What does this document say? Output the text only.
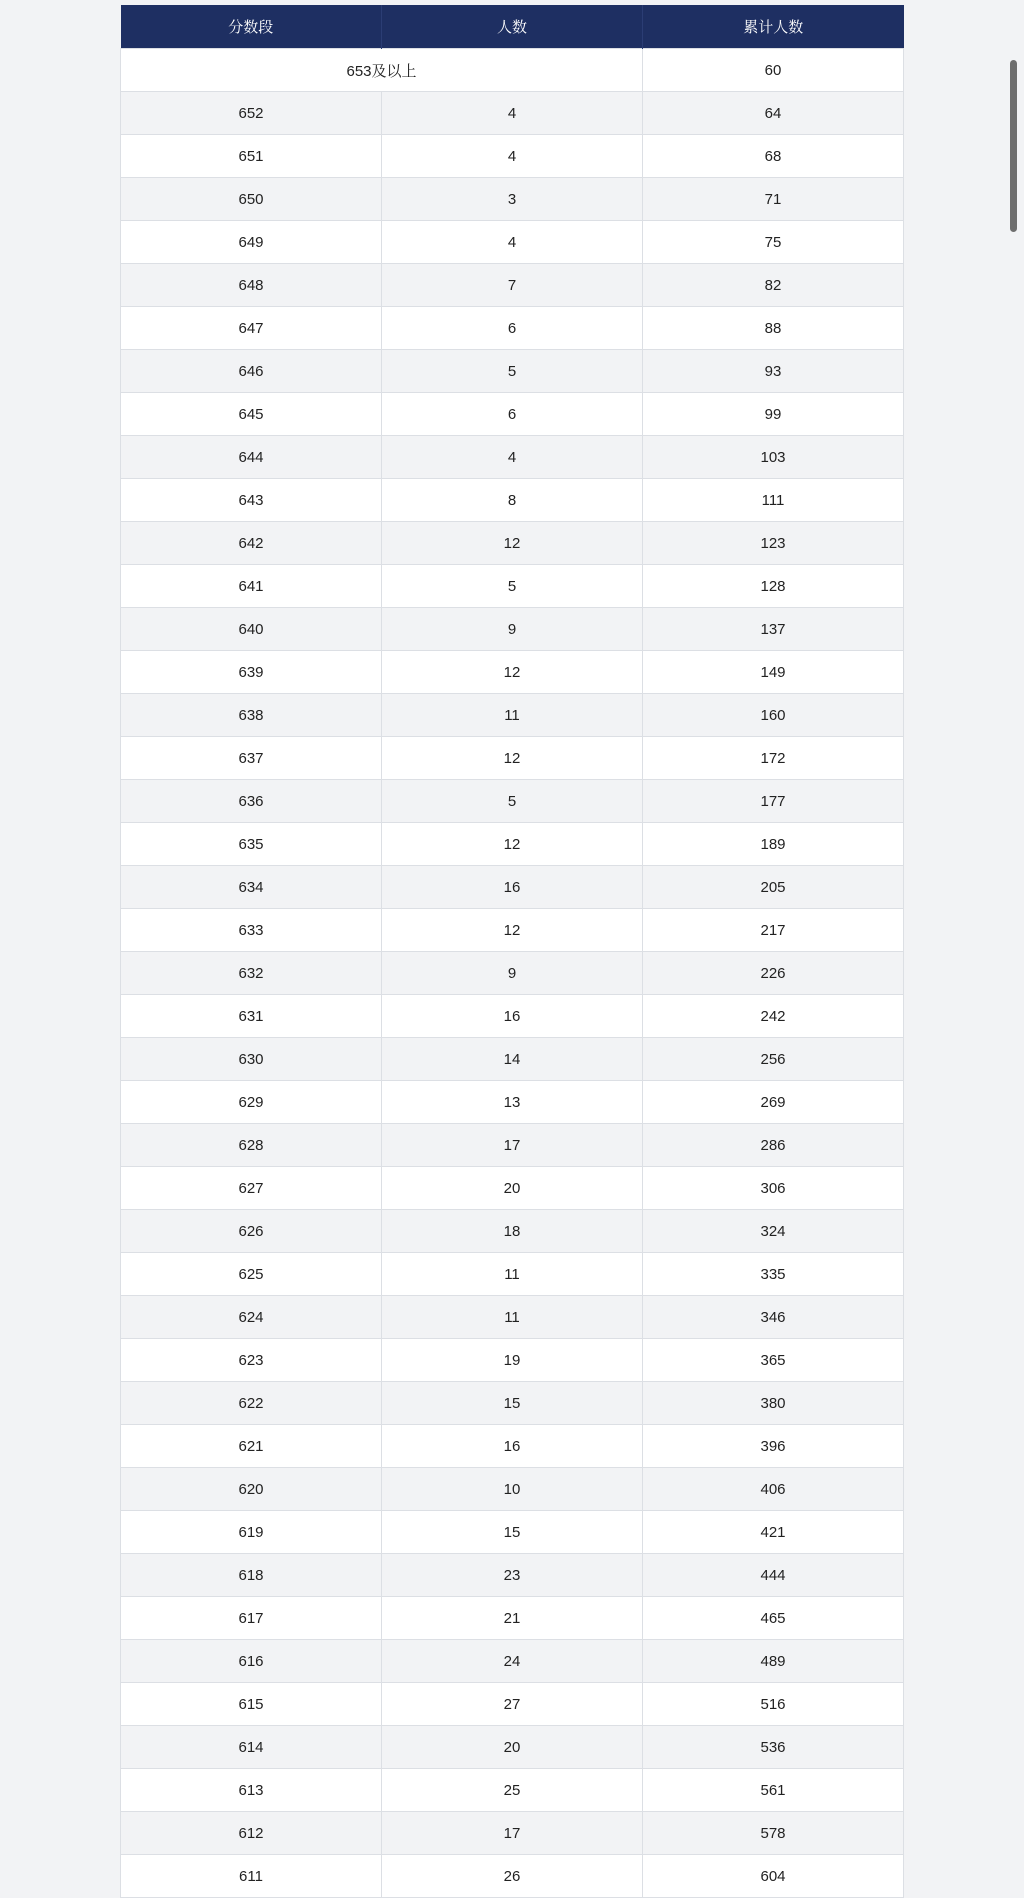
分数段	人数	累计人数
653及以上		60
652	4	64
651	4	68
650	3	71
649	4	75
648	7	82
647	6	88
646	5	93
645	6	99
644	4	103
643	8	111
642	12	123
641	5	128
640	9	137
639	12	149
638	11	160
637	12	172
636	5	177
635	12	189
634	16	205
633	12	217
632	9	226
631	16	242
630	14	256
629	13	269
628	17	286
627	20	306
626	18	324
625	11	335
624	11	346
623	19	365
622	15	380
621	16	396
620	10	406
619	15	421
618	23	444
617	21	465
616	24	489
615	27	516
614	20	536
613	25	561
612	17	578
611	26	604
